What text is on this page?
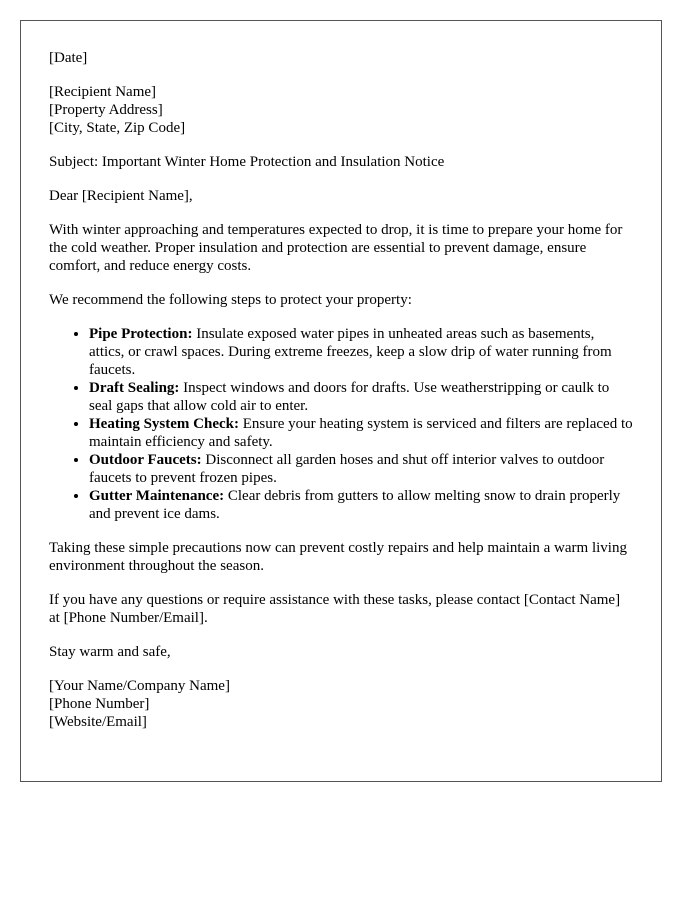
[Date]

[Recipient Name]
[Property Address]
[City, State, Zip Code]

Subject: Important Winter Home Protection and Insulation Notice

Dear [Recipient Name],

With winter approaching and temperatures expected to drop, it is time to prepare your home for the cold weather. Proper insulation and protection are essential to prevent damage, ensure comfort, and reduce energy costs.

We recommend the following steps to protect your property:

• Pipe Protection: Insulate exposed water pipes in unheated areas such as basements, attics, or crawl spaces. During extreme freezes, keep a slow drip of water running from faucets.
• Draft Sealing: Inspect windows and doors for drafts. Use weatherstripping or caulk to seal gaps that allow cold air to enter.
• Heating System Check: Ensure your heating system is serviced and filters are replaced to maintain efficiency and safety.
• Outdoor Faucets: Disconnect all garden hoses and shut off interior valves to outdoor faucets to prevent frozen pipes.
• Gutter Maintenance: Clear debris from gutters to allow melting snow to drain properly and prevent ice dams.

Taking these simple precautions now can prevent costly repairs and help maintain a warm living environment throughout the season.

If you have any questions or require assistance with these tasks, please contact [Contact Name] at [Phone Number/Email].

Stay warm and safe,

[Your Name/Company Name]
[Phone Number]
[Website/Email]
